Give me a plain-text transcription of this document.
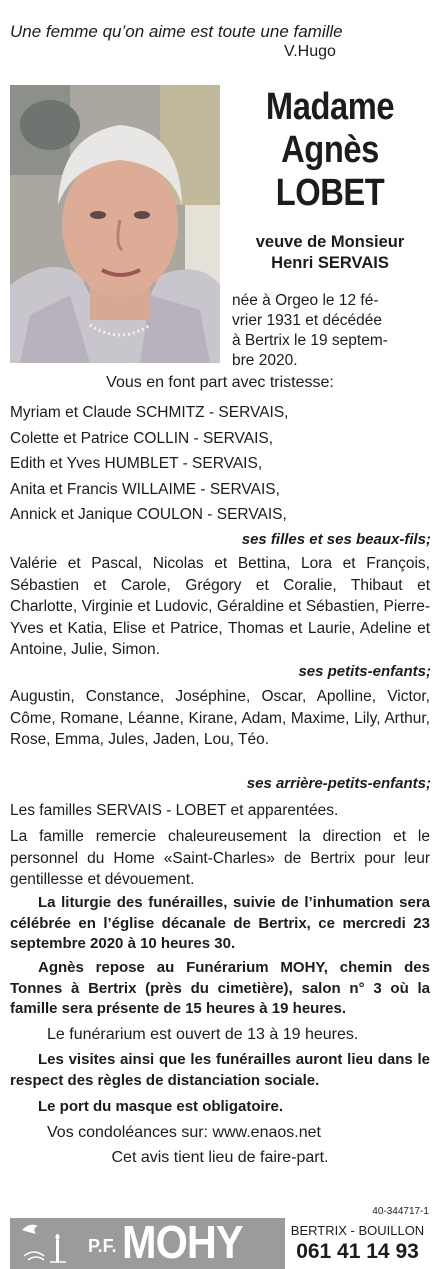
Une femme qu’on aime est toute une famille
V.Hugo
Madame
Agnès
LOBET
veuve de Monsieur
Henri SERVAIS
née à Orgeo le 12 fé-
vrier 1931 et décédée
à Bertrix le 19 septem-
bre 2020.
Vous en font part avec tristesse:
Myriam et Claude SCHMITZ - SERVAIS,
Colette et Patrice COLLIN - SERVAIS,
Edith et Yves HUMBLET - SERVAIS,
Anita et Francis WILLAIME - SERVAIS,
Annick et Janique COULON - SERVAIS,
ses filles et ses beaux-fils;
Valérie et Pascal, Nicolas et Bettina, Lora et François, Sébastien et Carole, Grégory et Coralie, Thibaut et Charlotte, Virginie et Ludovic, Géraldine et Sébastien, Pierre-Yves et Katia, Elise et Patrice, Thomas et Laurie, Adeline et Antoine, Julie, Simon.
ses petits-enfants;
Augustin, Constance, Joséphine, Oscar, Apolline, Victor, Côme, Romane, Léanne, Kirane, Adam, Maxime, Lily, Arthur, Rose, Emma, Jules, Jaden, Lou, Téo.
ses arrière-petits-enfants;
Les familles SERVAIS - LOBET et apparentées.
La famille remercie chaleureusement la direction et le personnel du Home «Saint-Charles» de Bertrix pour leur gentillesse et dévouement.
La liturgie des funérailles, suivie de l’inhumation sera célébrée en l’église décanale de Bertrix, ce mercredi 23 septembre 2020 à 10 heures 30.
Agnès repose au Funérarium MOHY, chemin des Tonnes à Bertrix (près du cimetière), salon n° 3 où la famille sera présente de 15 heures à 19 heures.
Le funérarium est ouvert de 13 à 19 heures.
Les visites ainsi que les funérailles auront lieu dans le respect des règles de distanciation sociale.
Le port du masque est obligatoire.
Vos condoléances sur: www.enaos.net
Cet avis tient lieu de faire-part.
40-344717-1
P.F. MOHY	BERTRIX - BOUILLON
061 41 14 93
